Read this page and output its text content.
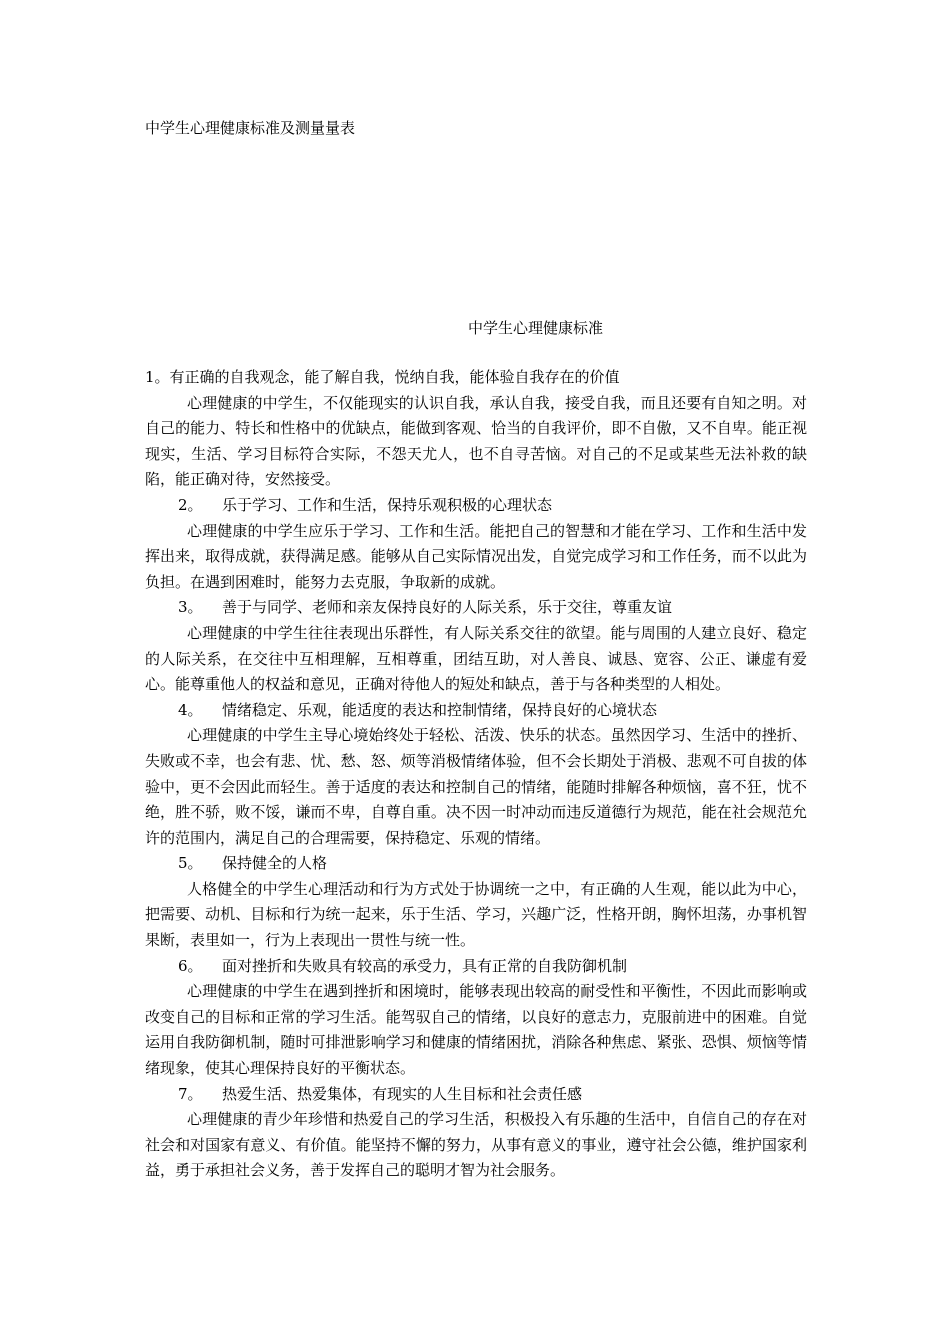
中学生心理健康标准及测量量表
中学生心理健康标准

1。有正确的自我观念，能了解自我，悦纳自我，能体验自我存在的价值

心理健康的中学生，不仅能现实的认识自我，承认自我，接受自我，而且还要有自知之明。对自己的能力、特长和性格中的优缺点，能做到客观、恰当的自我评价，即不自傲，又不自卑。能正视现实，生活、学习目标符合实际，不怨天尤人，也不自寻苦恼。对自己的不足或某些无法补救的缺陷，能正确对待，安然接受。

2。 乐于学习、工作和生活，保持乐观积极的心理状态

心理健康的中学生应乐于学习、工作和生活。能把自己的智慧和才能在学习、工作和生活中发挥出来，取得成就，获得满足感。能够从自己实际情况出发，自觉完成学习和工作任务，而不以此为负担。在遇到困难时，能努力去克服，争取新的成就。

3。 善于与同学、老师和亲友保持良好的人际关系，乐于交往，尊重友谊

心理健康的中学生往往表现出乐群性，有人际关系交往的欲望。能与周围的人建立良好、稳定的人际关系，在交往中互相理解，互相尊重，团结互助，对人善良、诚恳、宽容、公正、谦虚有爱心。能尊重他人的权益和意见，正确对待他人的短处和缺点，善于与各种类型的人相处。

4。 情绪稳定、乐观，能适度的表达和控制情绪，保持良好的心境状态

心理健康的中学生主导心境始终处于轻松、活泼、快乐的状态。虽然因学习、生活中的挫折、失败或不幸，也会有悲、忧、愁、怒、烦等消极情绪体验，但不会长期处于消极、悲观不可自拔的体验中，更不会因此而轻生。善于适度的表达和控制自己的情绪，能随时排解各种烦恼，喜不狂，忧不绝，胜不骄，败不馁，谦而不卑，自尊自重。决不因一时冲动而违反道德行为规范，能在社会规范允许的范围内，满足自己的合理需要，保持稳定、乐观的情绪。

5。 保持健全的人格

人格健全的中学生心理活动和行为方式处于协调统一之中，有正确的人生观，能以此为中心，把需要、动机、目标和行为统一起来，乐于生活、学习，兴趣广泛，性格开朗，胸怀坦荡，办事机智果断，表里如一，行为上表现出一贯性与统一性。

6。 面对挫折和失败具有较高的承受力，具有正常的自我防御机制

心理健康的中学生在遇到挫折和困境时，能够表现出较高的耐受性和平衡性，不因此而影响或改变自己的目标和正常的学习生活。能驾驭自己的情绪，以良好的意志力，克服前进中的困难。自觉运用自我防御机制，随时可排泄影响学习和健康的情绪困扰，消除各种焦虑、紧张、恐惧、烦恼等情绪现象，使其心理保持良好的平衡状态。

7。 热爱生活、热爱集体，有现实的人生目标和社会责任感

心理健康的青少年珍惜和热爱自己的学习生活，积极投入有乐趣的生活中，自信自己的存在对社会和对国家有意义、有价值。能坚持不懈的努力，从事有意义的事业，遵守社会公德，维护国家利益，勇于承担社会义务，善于发挥自己的聪明才智为社会服务。
